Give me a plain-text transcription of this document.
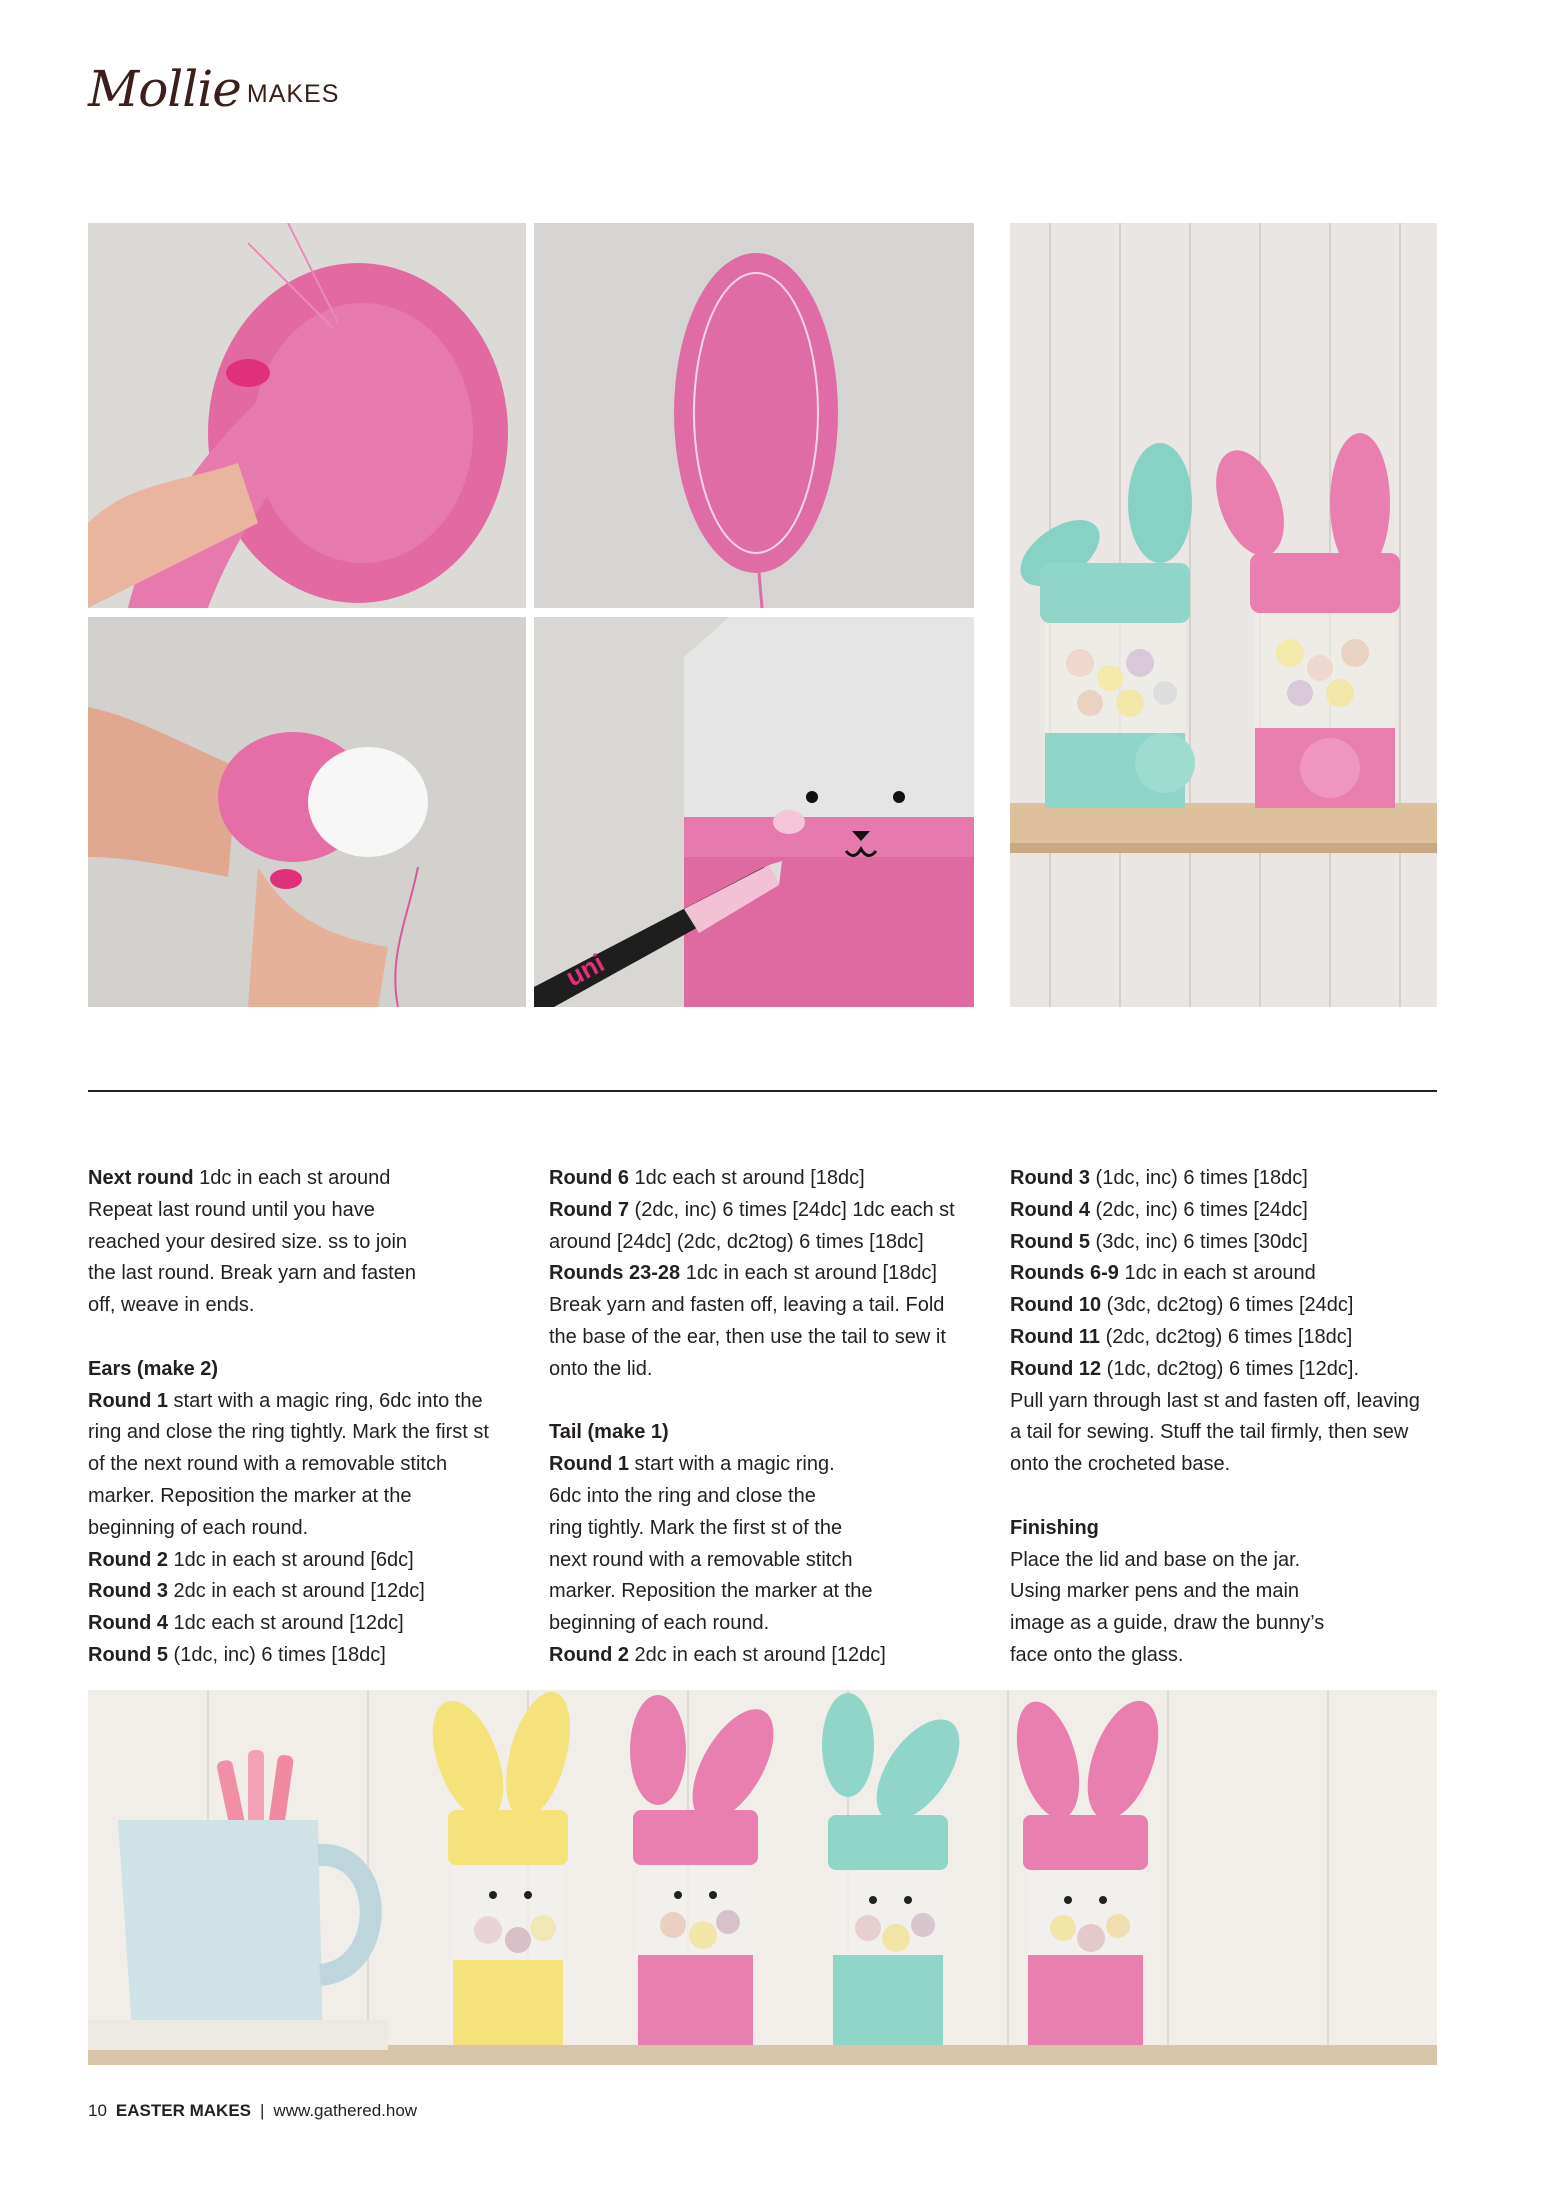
Mollie MAKES
uni

Next round 1dc in each st around

Repeat last round until you have

reached your desired size. ss to join

the last round. Break yarn and fasten

off, weave in ends.

Ears (make 2)

Round 1 start with a magic ring, 6dc into the

ring and close the ring tightly. Mark the first st

of the next round with a removable stitch

marker. Reposition the marker at the

beginning of each round.

Round 2 1dc in each st around [6dc]

Round 3 2dc in each st around [12dc]

Round 4 1dc each st around [12dc]

Round 5 (1dc, inc) 6 times [18dc]

Round 6 1dc each st around [18dc]

Round 7 (2dc, inc) 6 times [24dc] 1dc each st

around [24dc] (2dc, dc2tog) 6 times [18dc]

Rounds 23-28 1dc in each st around [18dc]

Break yarn and fasten off, leaving a tail. Fold

the base of the ear, then use the tail to sew it

onto the lid.

Tail (make 1)

Round 1 start with a magic ring.

6dc into the ring and close the

ring tightly. Mark the first st of the

next round with a removable stitch

marker. Reposition the marker at the

beginning of each round.

Round 2 2dc in each st around [12dc]

Round 3 (1dc, inc) 6 times [18dc]

Round 4 (2dc, inc) 6 times [24dc]

Round 5 (3dc, inc) 6 times [30dc]

Rounds 6-9 1dc in each st around

Round 10 (3dc, dc2tog) 6 times [24dc]

Round 11 (2dc, dc2tog) 6 times [18dc]

Round 12 (1dc, dc2tog) 6 times [12dc].

Pull yarn through last st and fasten off, leaving

a tail for sewing. Stuff the tail firmly, then sew

onto the crocheted base.

Finishing

Place the lid and base on the jar.

Using marker pens and the main

image as a guide, draw the bunny’s

face onto the glass.

10 EASTER MAKES | www.gathered.how
